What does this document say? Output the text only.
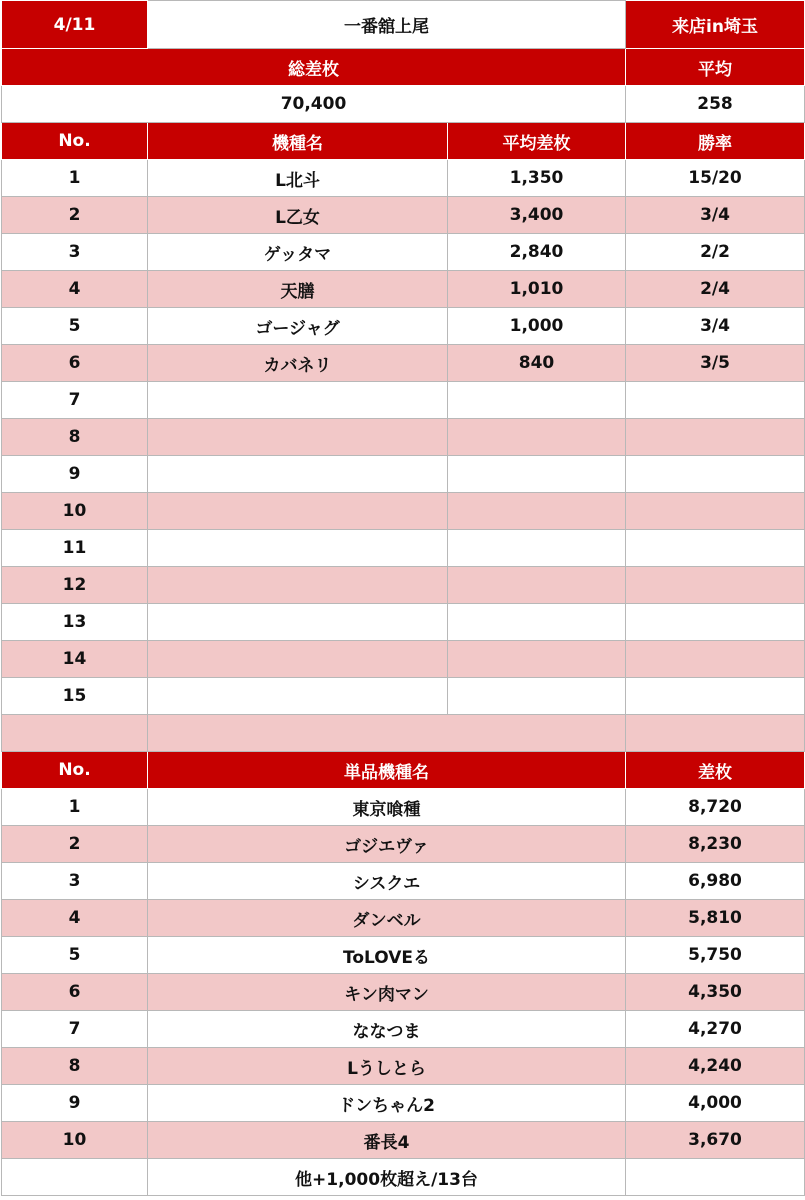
4/11	一番舘上尾		来店in埼玉
総差枚			平均
70,400			258
No.	機種名	平均差枚	勝率
1	L北斗	1,350	15/20
2	L乙女	3,400	3/4
3	ゲッタマ	2,840	2/2
4	天膳	1,010	2/4
5	ゴージャグ	1,000	3/4
6	カバネリ	840	3/5
7			
8			
9			
10			
11			
12			
13			
14			
15			

No.	単品機種名		差枚
1	東京喰種		8,720
2	ゴジエヴァ		8,230
3	シスクエ		6,980
4	ダンベル		5,810
5	ToLOVEる		5,750
6	キン肉マン		4,350
7	ななつま		4,270
8	Lうしとら		4,240
9	ドンちゃん2		4,000
10	番長4		3,670
	他+1,000枚超え/13台		
